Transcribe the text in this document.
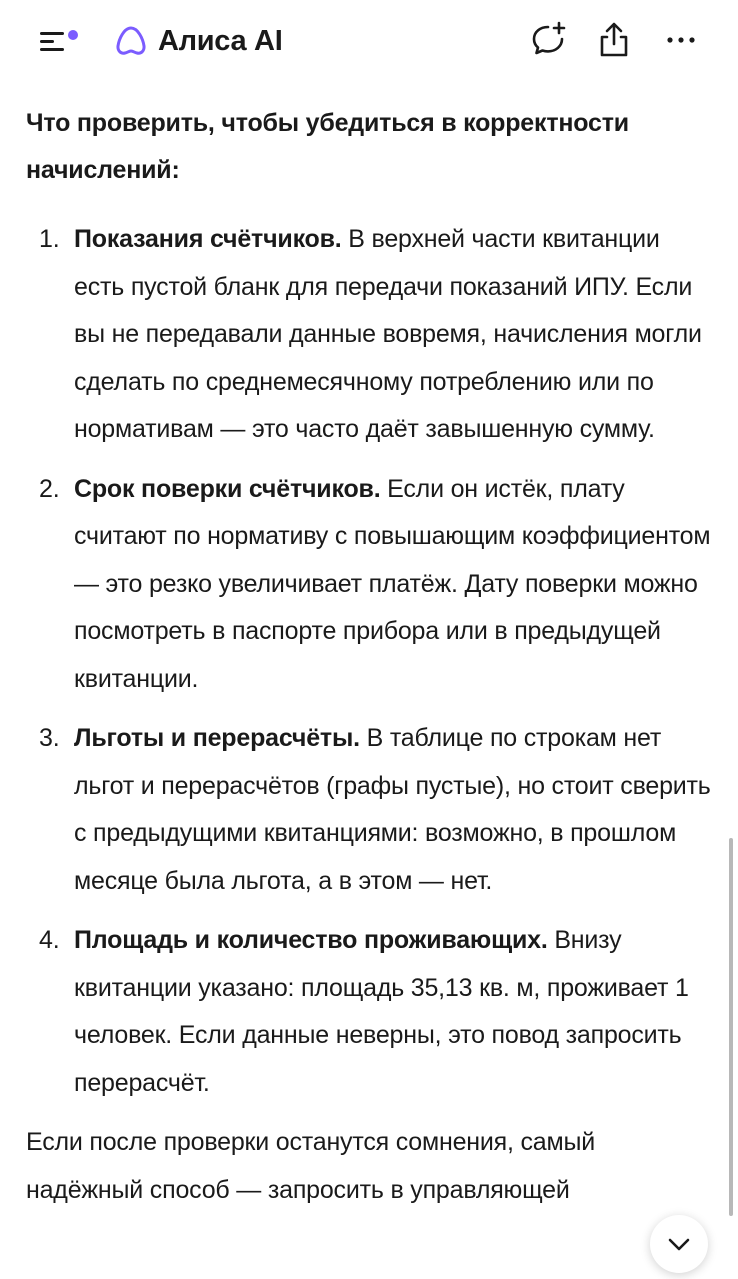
Алиса AI
Что проверить, чтобы убедиться в корректности начислений:
1. Показания счётчиков. В верхней части квитанции есть пустой бланк для передачи показаний ИПУ. Если вы не передавали данные вовремя, начисления могли сделать по среднемесячному потреблению или по нормативам — это часто даёт завышенную сумму.
2. Срок поверки счётчиков. Если он истёк, плату считают по нормативу с повышающим коэффициентом — это резко увеличивает платёж. Дату поверки можно посмотреть в паспорте прибора или в предыдущей квитанции.
3. Льготы и перерасчёты. В таблице по строкам нет льгот и перерасчётов (графы пустые), но стоит сверить с предыдущими квитанциями: возможно, в прошлом месяце была льгота, а в этом — нет.
4. Площадь и количество проживающих. Внизу квитанции указано: площадь 35,13 кв. м, проживает 1 человек. Если данные неверны, это повод запросить перерасчёт.
Если после проверки останутся сомнения, самый надёжный способ — запросить в управляющей
